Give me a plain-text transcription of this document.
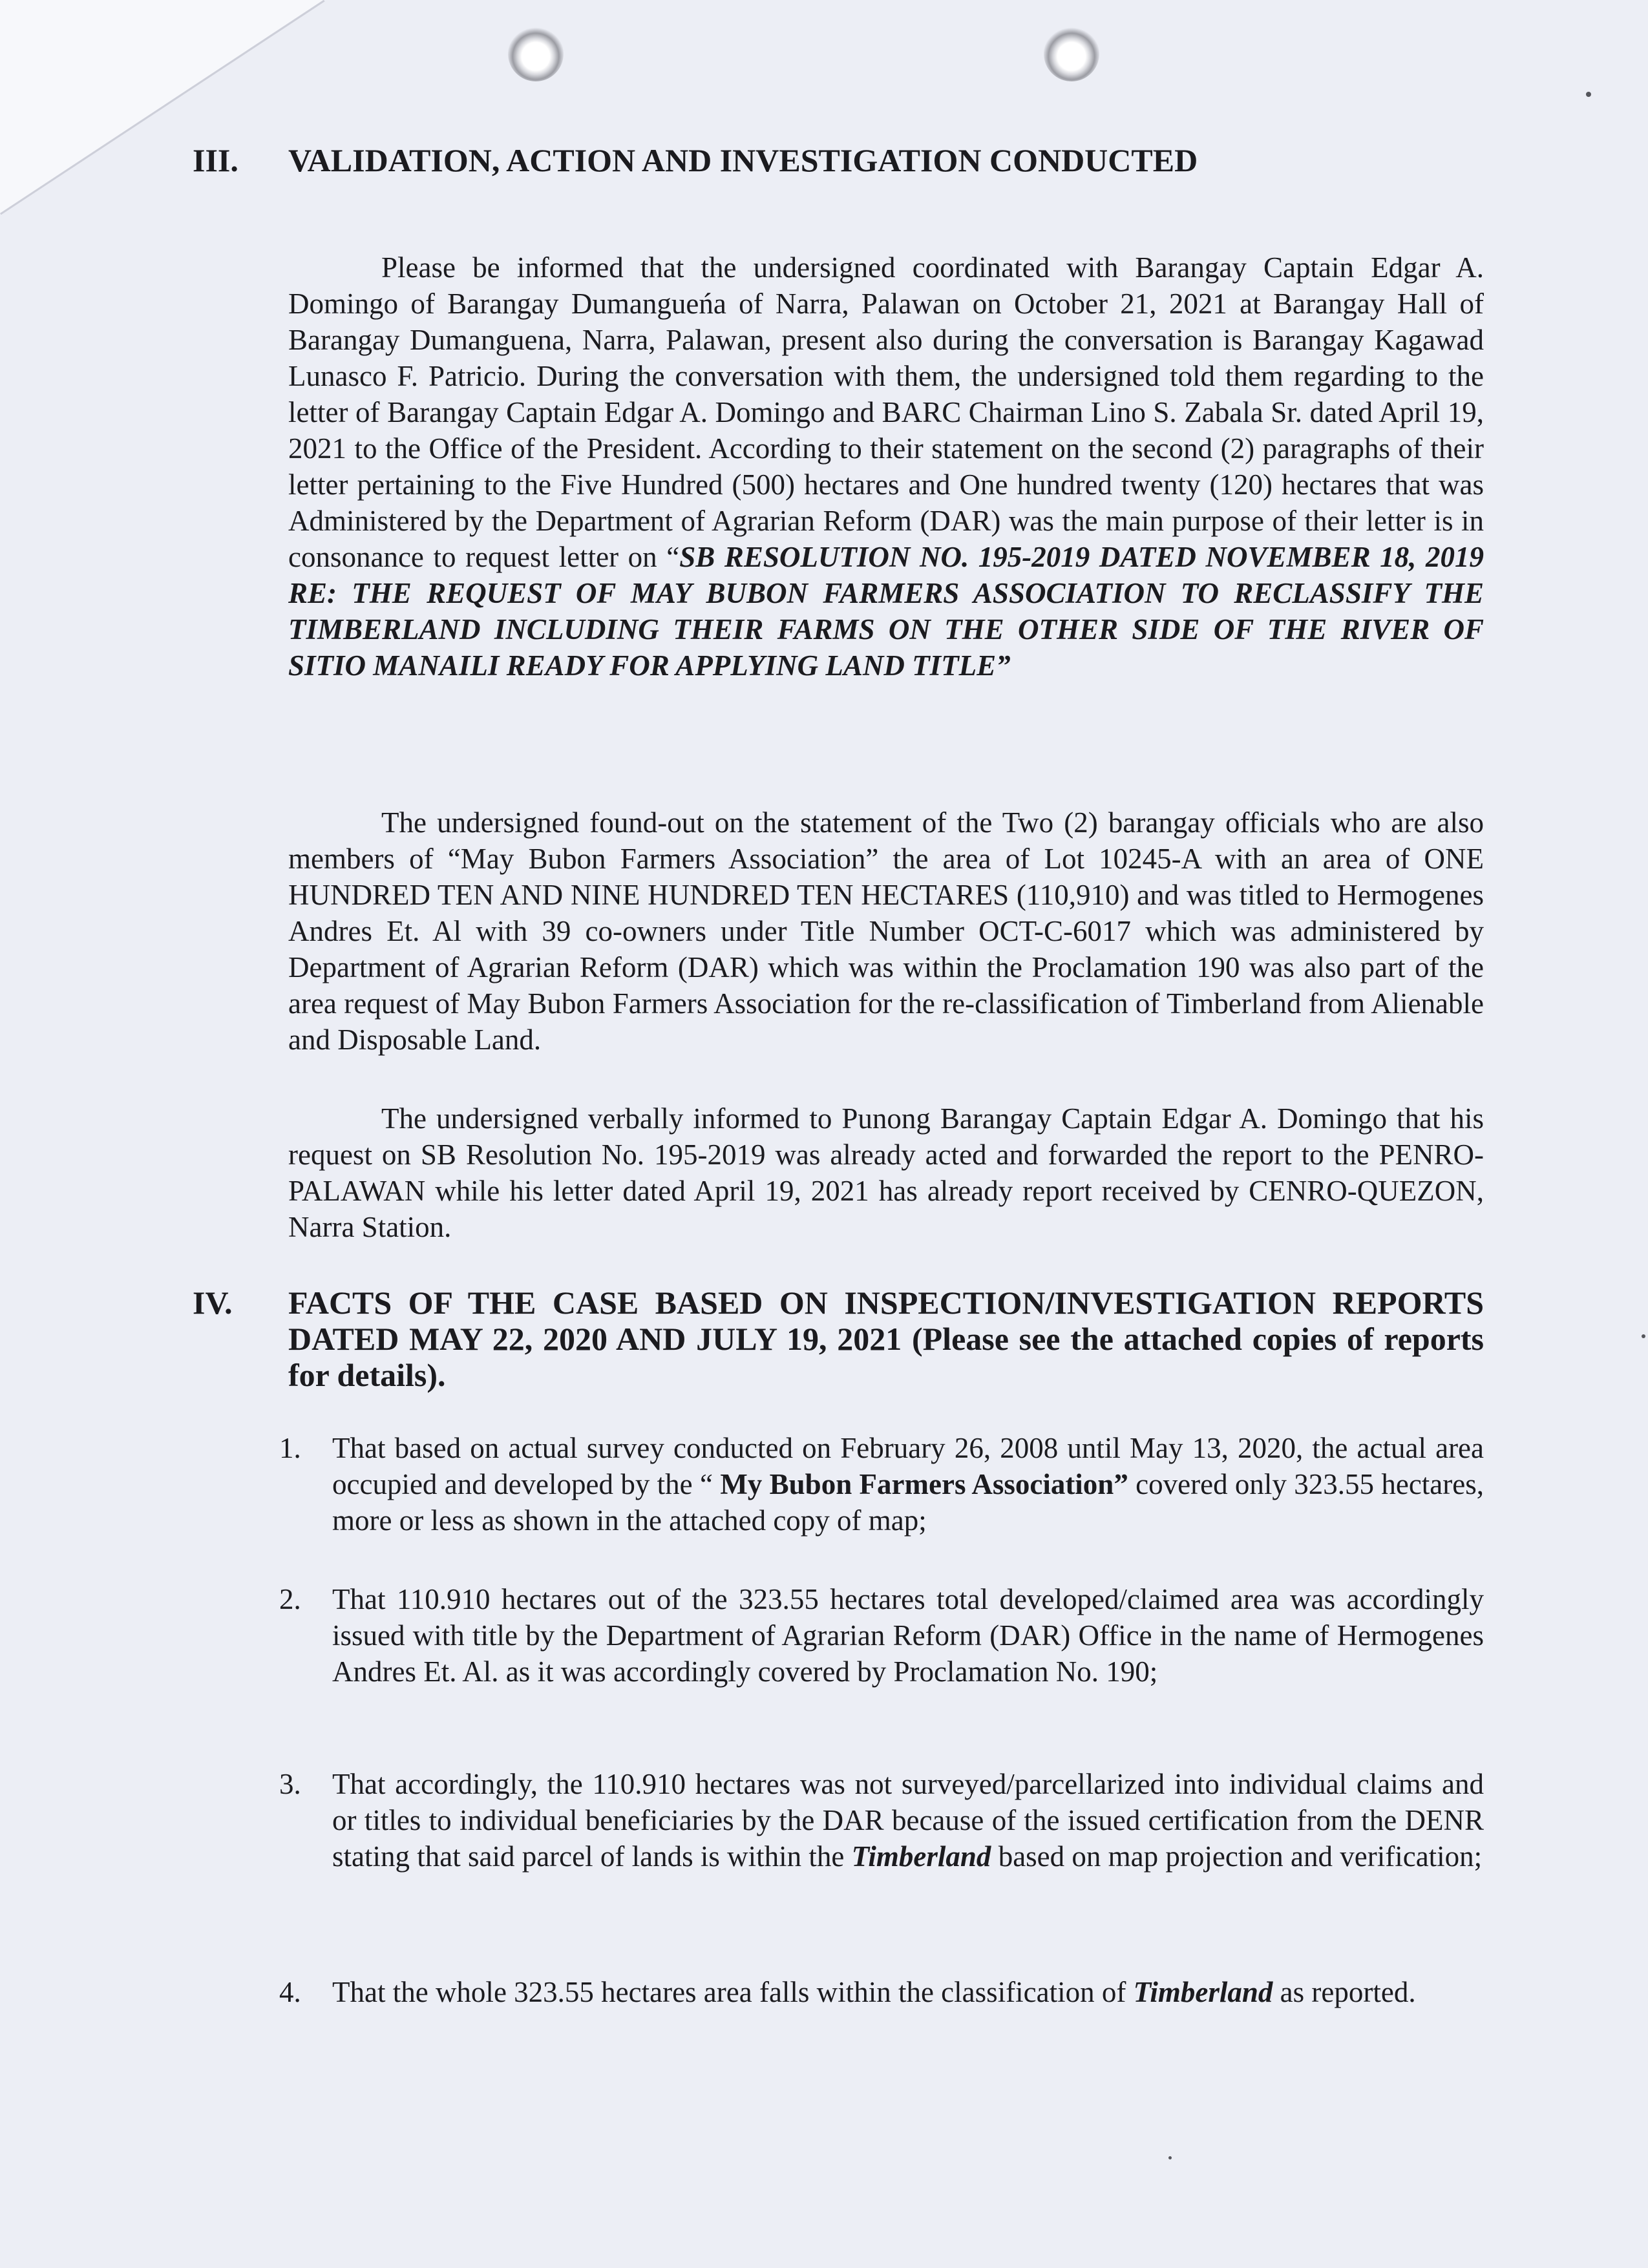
III. VALIDATION, ACTION AND INVESTIGATION CONDUCTED
Please be informed that the undersigned coordinated with Barangay Captain Edgar A. Domingo of Barangay Dumangueńa of Narra, Palawan on October 21, 2021 at Barangay Hall of Barangay Dumanguena, Narra, Palawan, present also during the conversation is Barangay Kagawad Lunasco F. Patricio. During the conversation with them, the undersigned told them regarding to the letter of Barangay Captain Edgar A. Domingo and BARC Chairman Lino S. Zabala Sr. dated April 19, 2021 to the Office of the President. According to their statement on the second (2) paragraphs of their letter pertaining to the Five Hundred (500) hectares and One hundred twenty (120) hectares that was Administered by the Department of Agrarian Reform (DAR) was the main purpose of their letter is in consonance to request letter on “SB RESOLUTION NO. 195-2019 DATED NOVEMBER 18, 2019 RE: THE REQUEST OF MAY BUBON FARMERS ASSOCIATION TO RECLASSIFY THE TIMBERLAND INCLUDING THEIR FARMS ON THE OTHER SIDE OF THE RIVER OF SITIO MANAILI READY FOR APPLYING LAND TITLE”
The undersigned found-out on the statement of the Two (2) barangay officials who are also members of “May Bubon Farmers Association” the area of Lot 10245-A with an area of ONE HUNDRED TEN AND NINE HUNDRED TEN HECTARES (110,910) and was titled to Hermogenes Andres Et. Al with 39 co-owners under Title Number OCT-C-6017 which was administered by Department of Agrarian Reform (DAR) which was within the Proclamation 190 was also part of the area request of May Bubon Farmers Association for the re-classification of Timberland from Alienable and Disposable Land.
The undersigned verbally informed to Punong Barangay Captain Edgar A. Domingo that his request on SB Resolution No. 195-2019 was already acted and forwarded the report to the PENRO-PALAWAN while his letter dated April 19, 2021 has already report received by CENRO-QUEZON, Narra Station.
IV. FACTS OF THE CASE BASED ON INSPECTION/INVESTIGATION REPORTS DATED MAY 22, 2020 AND JULY 19, 2021 (Please see the attached copies of reports for details).
1. That based on actual survey conducted on February 26, 2008 until May 13, 2020, the actual area occupied and developed by the “ My Bubon Farmers Association” covered only 323.55 hectares, more or less as shown in the attached copy of map;
2. That 110.910 hectares out of the 323.55 hectares total developed/claimed area was accordingly issued with title by the Department of Agrarian Reform (DAR) Office in the name of Hermogenes Andres Et. Al. as it was accordingly covered by Proclamation No. 190;
3. That accordingly, the 110.910 hectares was not surveyed/parcellarized into individual claims and or titles to individual beneficiaries by the DAR because of the issued certification from the DENR stating that said parcel of lands is within the Timberland based on map projection and verification;
4. That the whole 323.55 hectares area falls within the classification of Timberland as reported.
